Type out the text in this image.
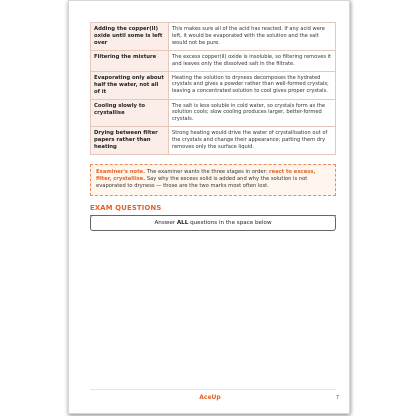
Adding the copper(II) oxide until some is left over	This makes sure all of the acid has reacted. If any acid were left, it would be evaporated with the solution and the salt would not be pure.
Filtering the mixture	The excess copper(II) oxide is insoluble, so filtering removes it and leaves only the dissolved salt in the filtrate.
Evaporating only about half the water, not all of it	Heating the solution to dryness decomposes the hydrated crystals and gives a powder rather than well-formed crystals; leaving a concentrated solution to cool gives proper crystals.
Cooling slowly to crystallise	The salt is less soluble in cold water, so crystals form as the solution cools; slow cooling produces larger, better-formed crystals.
Drying between filter papers rather than heating	Strong heating would drive the water of crystallisation out of the crystals and change their appearance; patting them dry removes only the surface liquid.
Examiner's note. The examiner wants the three stages in order: react to excess, filter, crystallise. Say why the excess solid is added and why the solution is not evaporated to dryness — those are the two marks most often lost.
EXAM QUESTIONS
Answer ALL questions in the space below
AceUp	7
